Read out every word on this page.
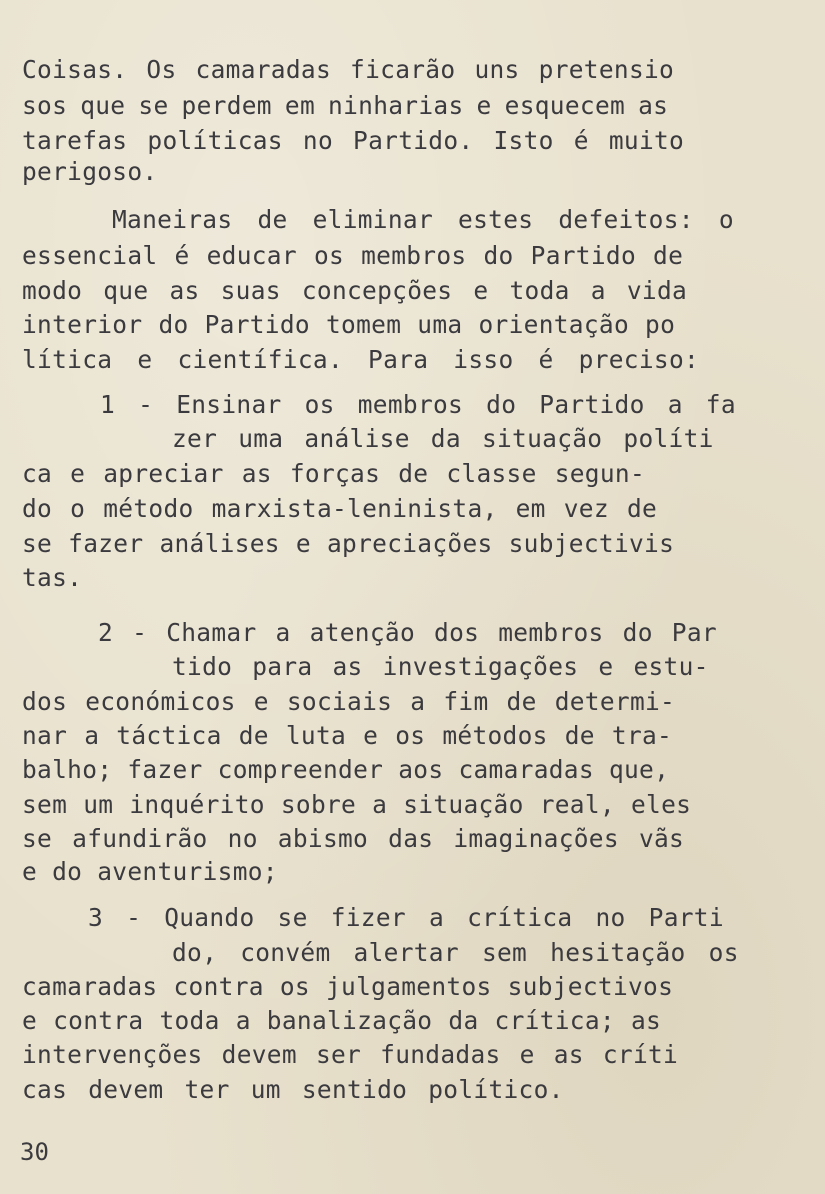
Coisas. Os camaradas ficarão uns pretensio
sos que se perdem em ninharias e esquecem as
tarefas políticas no Partido. Isto é muito
perigoso.
Maneiras de eliminar estes defeitos: o
essencial é educar os membros do Partido de
modo que as suas concepções e toda a vida
interior do Partido tomem uma orientação po
lítica e científica. Para isso é preciso:
1 - Ensinar os membros do Partido a fa
zer uma análise da situação políti
ca e apreciar as forças de classe segun-
do o método marxista-leninista, em vez de
se fazer análises e apreciações subjectivis
tas.
2 - Chamar a atenção dos membros do Par
tido para as investigações e estu-
dos económicos e sociais a fim de determi-
nar a táctica de luta e os métodos de tra-
balho; fazer compreender aos camaradas que,
sem um inquérito sobre a situação real, eles
se afundirão no abismo das imaginações vãs
e do aventurismo;
3 - Quando se fizer a crítica no Parti
do, convém alertar sem hesitação os
camaradas contra os julgamentos subjectivos
e contra toda a banalização da crítica; as
intervenções devem ser fundadas e as críti
cas devem ter um sentido político.
30
